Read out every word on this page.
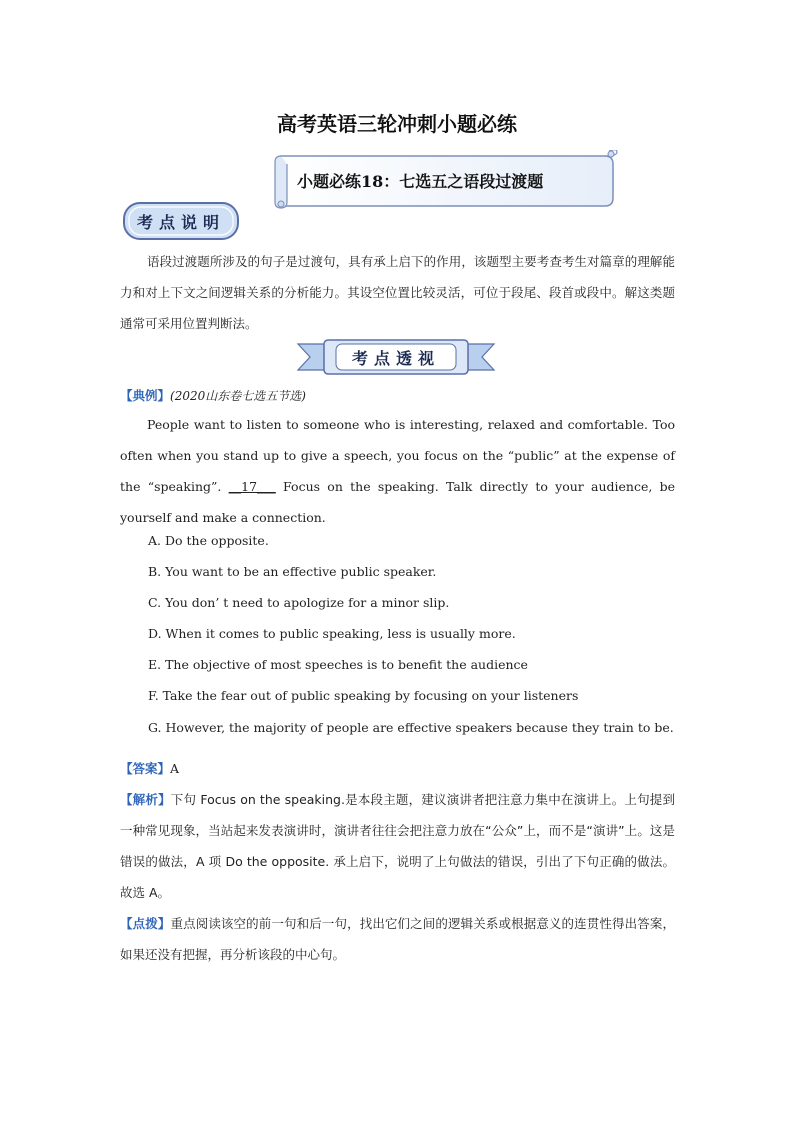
高考英语三轮冲刺小题必练
小题必练18：七选五之语段过渡题
考点说明
语段过渡题所涉及的句子是过渡句，具有承上启下的作用，该题型主要考查考生对篇章的理解能力和对上下文之间逻辑关系的分析能力。其设空位置比较灵活，可位于段尾、段首或段中。解这类题通常可采用位置判断法。
考点透视
【典例】(2020山东卷七选五节选)
People want to listen to someone who is interesting, relaxed and comfortable. Too often when you stand up to give a speech, you focus on the “public” at the expense of the “speaking”. __17___ Focus on the speaking. Talk directly to your audience, be yourself and make a connection.
A. Do the opposite.
B. You want to be an effective public speaker.
C. You don’ t need to apologize for a minor slip.
D. When it comes to public speaking, less is usually more.
E. The objective of most speeches is to benefit the audience
F. Take the fear out of public speaking by focusing on your listeners
G. However, the majority of people are effective speakers because they train to be.
【答案】A
【解析】下句 Focus on the speaking.是本段主题，建议演讲者把注意力集中在演讲上。上句提到一种常见现象，当站起来发表演讲时，演讲者往往会把注意力放在“公众”上，而不是“演讲”上。这是错误的做法，A 项 Do the opposite. 承上启下，说明了上句做法的错误，引出了下句正确的做法。故选 A。
【点拨】重点阅读该空的前一句和后一句，找出它们之间的逻辑关系或根据意义的连贯性得出答案，如果还没有把握，再分析该段的中心句。
